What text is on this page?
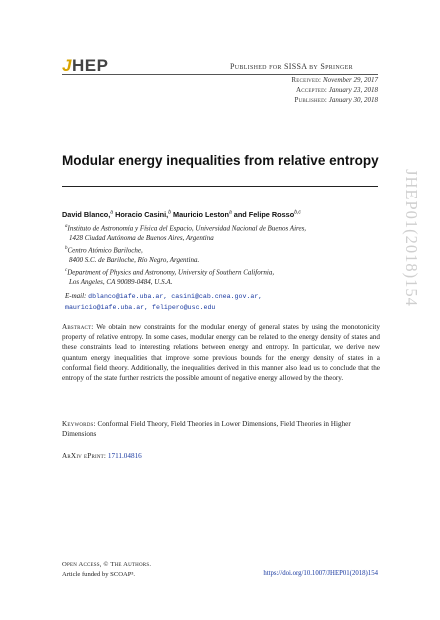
JHEP	Published for SISSA by Springer
Received: November 29, 2017
Accepted: January 23, 2018
Published: January 30, 2018
Modular energy inequalities from relative entropy
David Blanco,$^a$ Horacio Casini,$^b$ Mauricio Leston$^a$ and Felipe Rosso$^{b,c}$
$^a$Instituto de Astronomía y Física del Espacio, Universidad Nacional de Buenos Aires,
1428 Ciudad Autónoma de Buenos Aires, Argentina
$^b$Centro Atómico Bariloche,
8400 S.C. de Bariloche, Río Negro, Argentina.
$^c$Department of Physics and Astronomy, University of Southern California,
Los Angeles, CA 90089-0484, U.S.A.
E-mail: dblanco@iafe.uba.ar, casini@cab.cnea.gov.ar,
mauricio@iafe.uba.ar, felipero@usc.edu
Abstract: We obtain new constraints for the modular energy of general states by using the monotonicity property of relative entropy. In some cases, modular energy can be related to the energy density of states and these constraints lead to interesting relations between energy and entropy. In particular, we derive new quantum energy inequalities that improve some previous bounds for the energy density of states in a conformal field theory. Additionally, the inequalities derived in this manner also lead us to conclude that the entropy of the state further restricts the possible amount of negative energy allowed by the theory.
Keywords: Conformal Field Theory, Field Theories in Lower Dimensions, Field Theories in Higher Dimensions
ArXiv ePrint: 1711.04816
Open Access, © The Authors.
Article funded by SCOAP³.	https://doi.org/10.1007/JHEP01(2018)154
JHEP01(2018)154
